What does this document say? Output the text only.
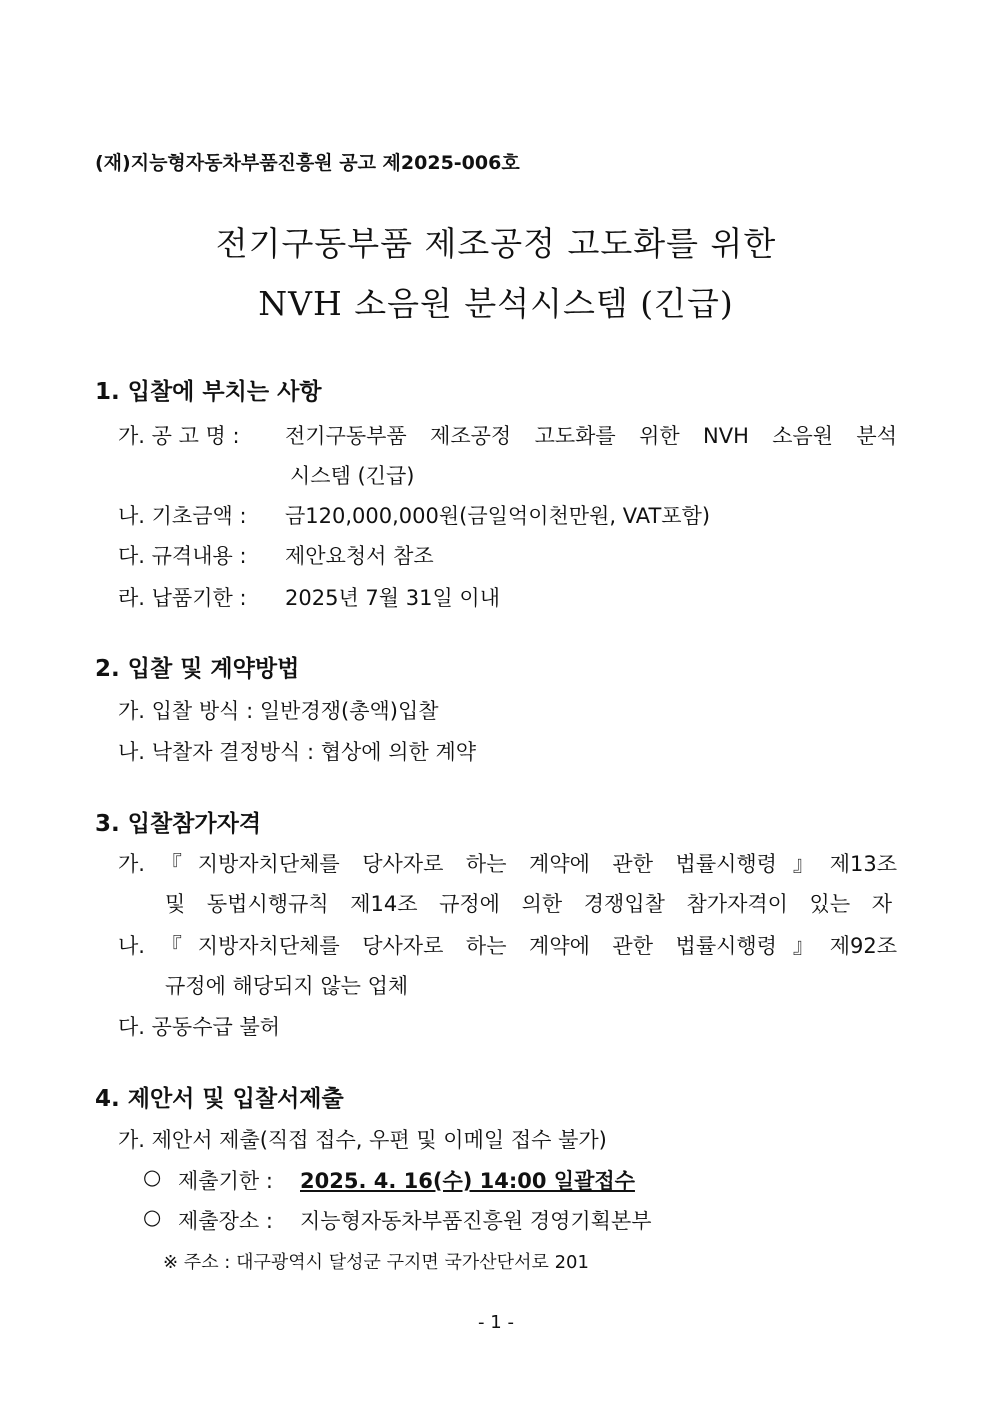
(재)지능형자동차부품진흥원 공고 제2025-006호
전기구동부품 제조공정 고도화를 위한
NVH 소음원 분석시스템 (긴급)
1. 입찰에 부치는 사항
가. 공 고 명 : 전기구동부품 제조공정 고도화를 위한 NVH 소음원 분석
시스템 (긴급)
나. 기초금액 : 금120,000,000원(금일억이천만원, VAT포함)
다. 규격내용 : 제안요청서 참조
라. 납품기한 : 2025년 7월 31일 이내
2. 입찰 및 계약방법
가. 입찰 방식 : 일반경쟁(총액)입찰
나. 낙찰자 결정방식 : 협상에 의한 계약
3. 입찰참가자격
가.『지방자치단체를 당사자로 하는 계약에 관한 법률시행령』제13조
및 동법시행규칙 제14조 규정에 의한 경쟁입찰 참가자격이 있는 자
나.『지방자치단체를 당사자로 하는 계약에 관한 법률시행령』제92조
규정에 해당되지 않는 업체
다. 공동수급 불허
4. 제안서 및 입찰서제출
가. 제안서 제출(직접 접수, 우편 및 이메일 접수 불가)
○ 제출기한 : 2025. 4. 16(수) 14:00 일괄접수
○ 제출장소 : 지능형자동차부품진흥원 경영기획본부
※ 주소 : 대구광역시 달성군 구지면 국가산단서로 201
- 1 -
